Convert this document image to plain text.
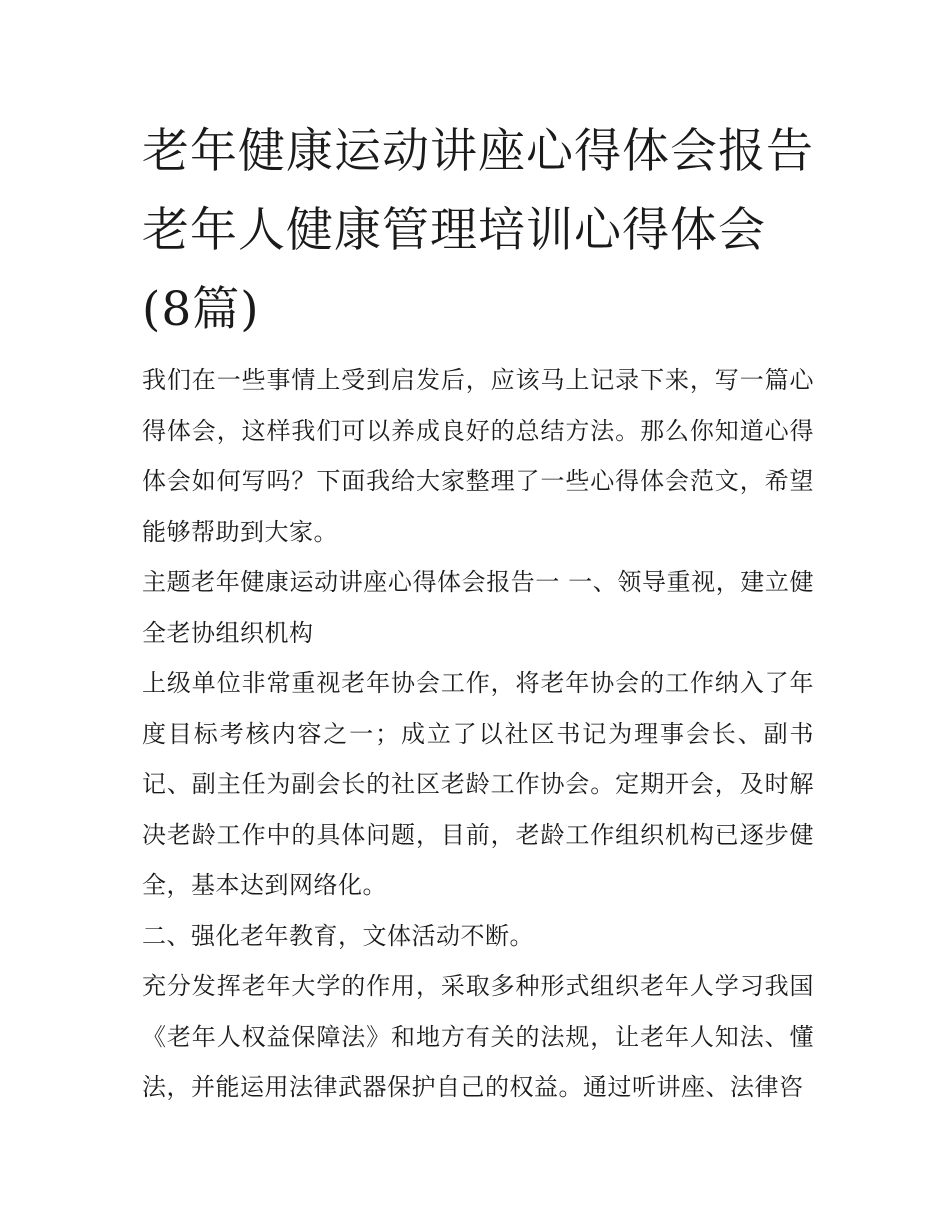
老年健康运动讲座心得体会报告 老年人健康管理培训心得体会(8篇)

我们在一些事情上受到启发后，应该马上记录下来，写一篇心得体会，这样我们可以养成良好的总结方法。那么你知道心得体会如何写吗？下面我给大家整理了一些心得体会范文，希望能够帮助到大家。

主题老年健康运动讲座心得体会报告一 一、领导重视，建立健全老协组织机构

上级单位非常重视老年协会工作，将老年协会的工作纳入了年度目标考核内容之一；成立了以社区书记为理事会长、副书记、副主任为副会长的社区老龄工作协会。定期开会，及时解决老龄工作中的具体问题，目前，老龄工作组织机构已逐步健全，基本达到网络化。

二、强化老年教育，文体活动不断。

充分发挥老年大学的作用，采取多种形式组织老年人学习我国《老年人权益保障法》和地方有关的法规，让老年人知法、懂法，并能运用法律武器保护自己的权益。通过听讲座、法律咨
